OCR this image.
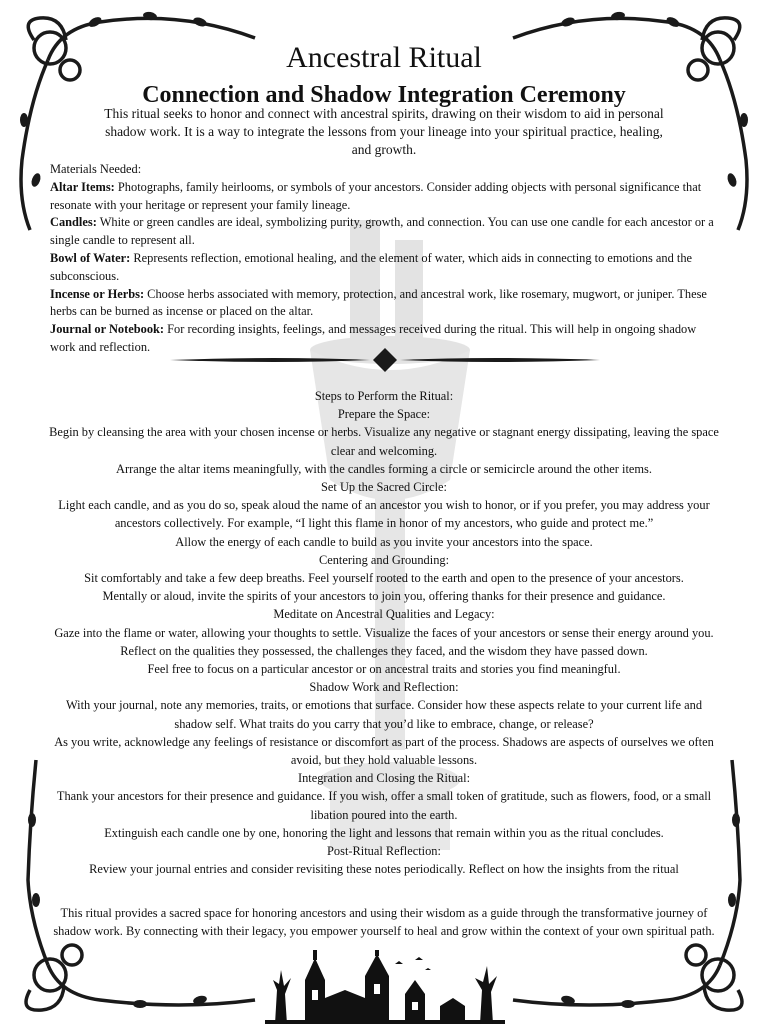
Ancestral Ritual
Connection and Shadow Integration Ceremony

This ritual seeks to honor and connect with ancestral spirits, drawing on their wisdom to aid in personal shadow work. It is a way to integrate the lessons from your lineage into your spiritual practice, healing, and growth.

Materials Needed:

Altar Items: Photographs, family heirlooms, or symbols of your ancestors. Consider adding objects with personal significance that resonate with your heritage or represent your family lineage.

Candles: White or green candles are ideal, symbolizing purity, growth, and connection. You can use one candle for each ancestor or a single candle to represent all.

Bowl of Water: Represents reflection, emotional healing, and the element of water, which aids in connecting to emotions and the subconscious.

Incense or Herbs: Choose herbs associated with memory, protection, and ancestral work, like rosemary, mugwort, or juniper. These herbs can be burned as incense or placed on the altar.

Journal or Notebook: For recording insights, feelings, and messages received during the ritual. This will help in ongoing shadow work and reflection.

Steps to Perform the Ritual:

Prepare the Space:

Begin by cleansing the area with your chosen incense or herbs. Visualize any negative or stagnant energy dissipating, leaving the space clear and welcoming.

Arrange the altar items meaningfully, with the candles forming a circle or semicircle around the other items.

Set Up the Sacred Circle:

Light each candle, and as you do so, speak aloud the name of an ancestor you wish to honor, or if you prefer, you may address your ancestors collectively. For example, “I light this flame in honor of my ancestors, who guide and protect me.”

Allow the energy of each candle to build as you invite your ancestors into the space.

Centering and Grounding:

Sit comfortably and take a few deep breaths. Feel yourself rooted to the earth and open to the presence of your ancestors.

Mentally or aloud, invite the spirits of your ancestors to join you, offering thanks for their presence and guidance.

Meditate on Ancestral Qualities and Legacy:

Gaze into the flame or water, allowing your thoughts to settle. Visualize the faces of your ancestors or sense their energy around you. Reflect on the qualities they possessed, the challenges they faced, and the wisdom they have passed down.

Feel free to focus on a particular ancestor or on ancestral traits and stories you find meaningful.

Shadow Work and Reflection:

With your journal, note any memories, traits, or emotions that surface. Consider how these aspects relate to your current life and shadow self. What traits do you carry that you’d like to embrace, change, or release?

As you write, acknowledge any feelings of resistance or discomfort as part of the process. Shadows are aspects of ourselves we often avoid, but they hold valuable lessons.

Integration and Closing the Ritual:

Thank your ancestors for their presence and guidance. If you wish, offer a small token of gratitude, such as flowers, food, or a small libation poured into the earth.

Extinguish each candle one by one, honoring the light and lessons that remain within you as the ritual concludes.

Post-Ritual Reflection:

Review your journal entries and consider revisiting these notes periodically. Reflect on how the insights from the ritual

This ritual provides a sacred space for honoring ancestors and using their wisdom as a guide through the transformative journey of shadow work. By connecting with their legacy, you empower yourself to heal and grow within the context of your own spiritual path.
